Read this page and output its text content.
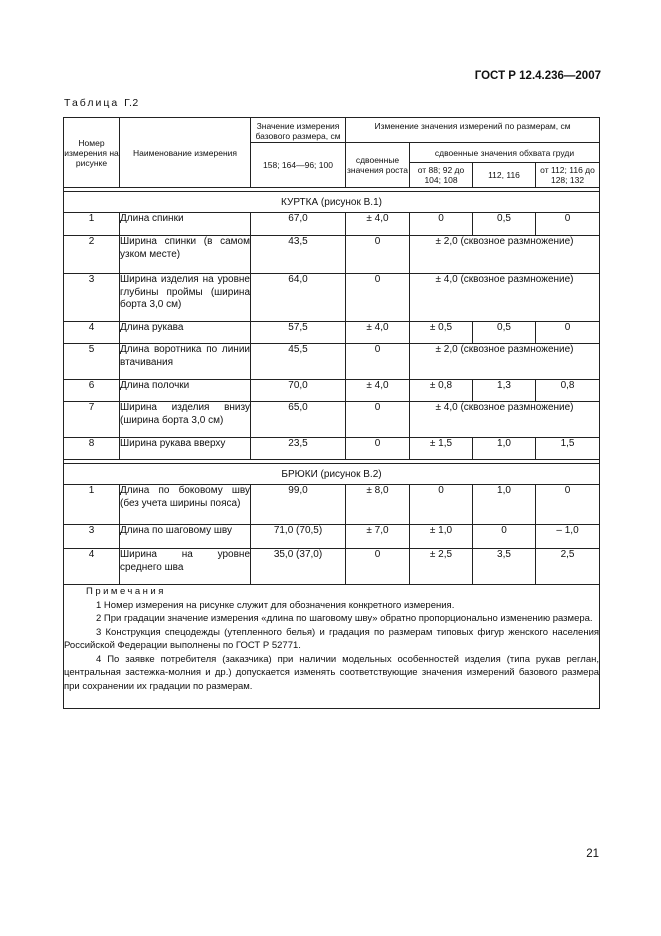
ГОСТ Р 12.4.236—2007
Таблица Г.2
Номер измерения на рисунке	Наименование измерения	Значение измерения базового размера, см	Изменение значения измерений по размерам, см			
		158; 164—96; 100	сдвоенные значения роста	сдвоенные значения обхвата груди		
				от 88; 92 до 104; 108	112, 116	от 112; 116 до 128; 132

КУРТКА (рисунок В.1)						
1	Длина спинки	67,0	± 4,0	0	0,5	0
2	Ширина спинки (в самом узком месте)	43,5	0	± 2,0 (сквозное размножение)		
3	Ширина изделия на уровне глубины проймы (ширина борта 3,0 см)	64,0	0	± 4,0 (сквозное размножение)		
4	Длина рукава	57,5	± 4,0	± 0,5	0,5	0
5	Длина воротника по линии втачивания	45,5	0	± 2,0 (сквозное размножение)		
6	Длина полочки	70,0	± 4,0	± 0,8	1,3	0,8
7	Ширина изделия внизу (ширина борта 3,0 см)	65,0	0	± 4,0 (сквозное размножение)		
8	Ширина рукава вверху	23,5	0	± 1,5	1,0	1,5

БРЮКИ (рисунок В.2)						
1	Длина по боковому шву (без учета ширины пояса)	99,0	± 8,0	0	1,0	0
3	Длина по шаговому шву	71,0 (70,5)	± 7,0	± 1,0	0	– 1,0
4	Ширина на уровне среднего шва	35,0 (37,0)	0	± 2,5	3,5	2,5

Примечания

1 Номер измерения на рисунке служит для обозначения конкретного измерения.

2 При градации значение измерения «длина по шаговому шву» обратно пропорционально изменению размера.

3 Конструкция спецодежды (утепленного белья) и градация по размерам типовых фигур женского населения Российской Федерации выполнены по ГОСТ Р 52771.

4 По заявке потребителя (заказчика) при наличии модельных особенностей изделия (типа рукав реглан, центральная застежка-молния и др.) допускается изменять соответствующие значения измерений базового размера при сохранении их градации по размерам.						

21
